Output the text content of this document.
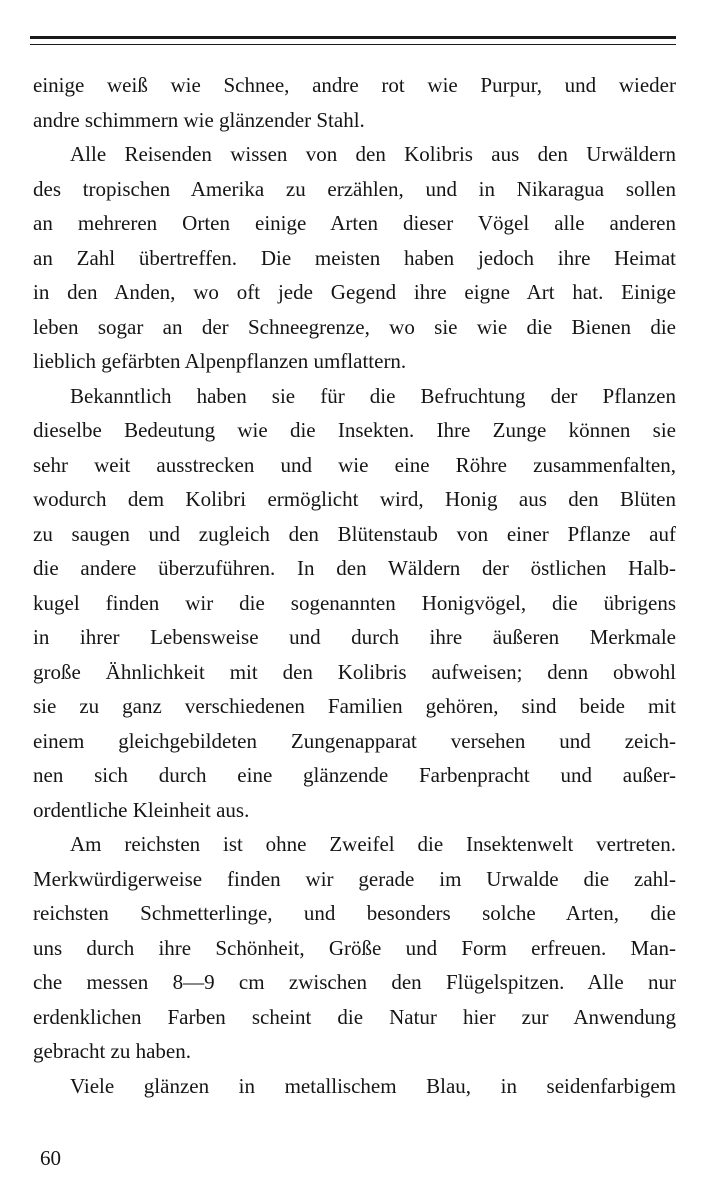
einige weiß wie Schnee, andre rot wie Purpur, und wieder
andre schimmern wie glänzender Stahl.
Alle Reisenden wissen von den Kolibris aus den Urwäldern
des tropischen Amerika zu erzählen, und in Nikaragua sollen
an mehreren Orten einige Arten dieser Vögel alle anderen
an Zahl übertreffen. Die meisten haben jedoch ihre Heimat
in den Anden, wo oft jede Gegend ihre eigne Art hat. Einige
leben sogar an der Schneegrenze, wo sie wie die Bienen die
lieblich gefärbten Alpenpflanzen umflattern.
Bekanntlich haben sie für die Befruchtung der Pflanzen
dieselbe Bedeutung wie die Insekten. Ihre Zunge können sie
sehr weit ausstrecken und wie eine Röhre zusammenfalten,
wodurch dem Kolibri ermöglicht wird, Honig aus den Blüten
zu saugen und zugleich den Blütenstaub von einer Pflanze auf
die andere überzuführen. In den Wäldern der östlichen Halb-
kugel finden wir die sogenannten Honigvögel, die übrigens
in ihrer Lebensweise und durch ihre äußeren Merkmale
große Ähnlichkeit mit den Kolibris aufweisen; denn obwohl
sie zu ganz verschiedenen Familien gehören, sind beide mit
einem gleichgebildeten Zungenapparat versehen und zeich-
nen sich durch eine glänzende Farbenpracht und außer-
ordentliche Kleinheit aus.
Am reichsten ist ohne Zweifel die Insektenwelt vertreten.
Merkwürdigerweise finden wir gerade im Urwalde die zahl-
reichsten Schmetterlinge, und besonders solche Arten, die
uns durch ihre Schönheit, Größe und Form erfreuen. Man-
che messen 8—9 cm zwischen den Flügelspitzen. Alle nur
erdenklichen Farben scheint die Natur hier zur Anwendung
gebracht zu haben.
Viele glänzen in metallischem Blau, in seidenfarbigem
60
